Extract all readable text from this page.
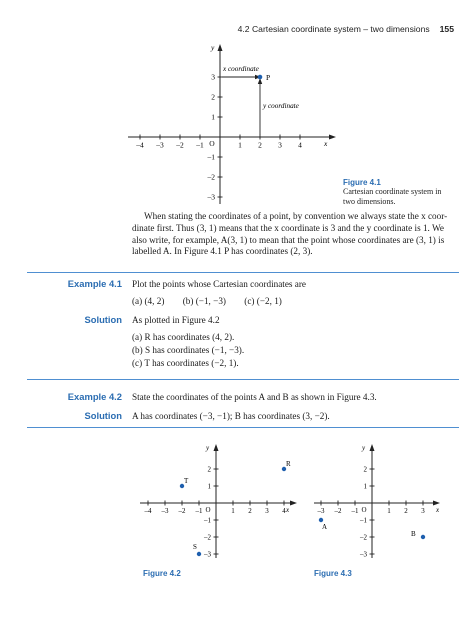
4.2 Cartesian coordinate system – two dimensions 155
–4 –3 –2 –1	1 2 3 4
3
2
1
–1
–2
–3
x
y
O
x coordinate
y coordinate
P
Figure 4.1
Cartesian coordinate system in
two dimensions.
When stating the coordinates of a point, by convention we always state the x coor-
dinate first. Thus (3, 1) means that the x coordinate is 3 and the y coordinate is 1. We
also write, for example, A(3, 1) to mean that the point whose coordinates are (3, 1) is
labelled A. In Figure 4.1 P has coordinates (2, 3).
Example 4.1 Plot the points whose Cartesian coordinates are
(a) (4, 2) (b) (−1, −3) (c) (−2, 1)
Solution As plotted in Figure 4.2
(a) R has coordinates (4, 2).
(b) S has coordinates (−1, −3).
(c) T has coordinates (−2, 1).
Example 4.2 State the coordinates of the points A and B as shown in Figure 4.3.
Solution A has coordinates (−3, −1); B has coordinates (3, −2).
–4 –3 –2 –1	1 2 3 4
2
1
–1
–2
–3
R
S
T
x
y
O
Figure 4.2
–3 –2 –1	1 2 3
2
1
–1
–2
–3
A
B
x
y
O
Figure 4.3
